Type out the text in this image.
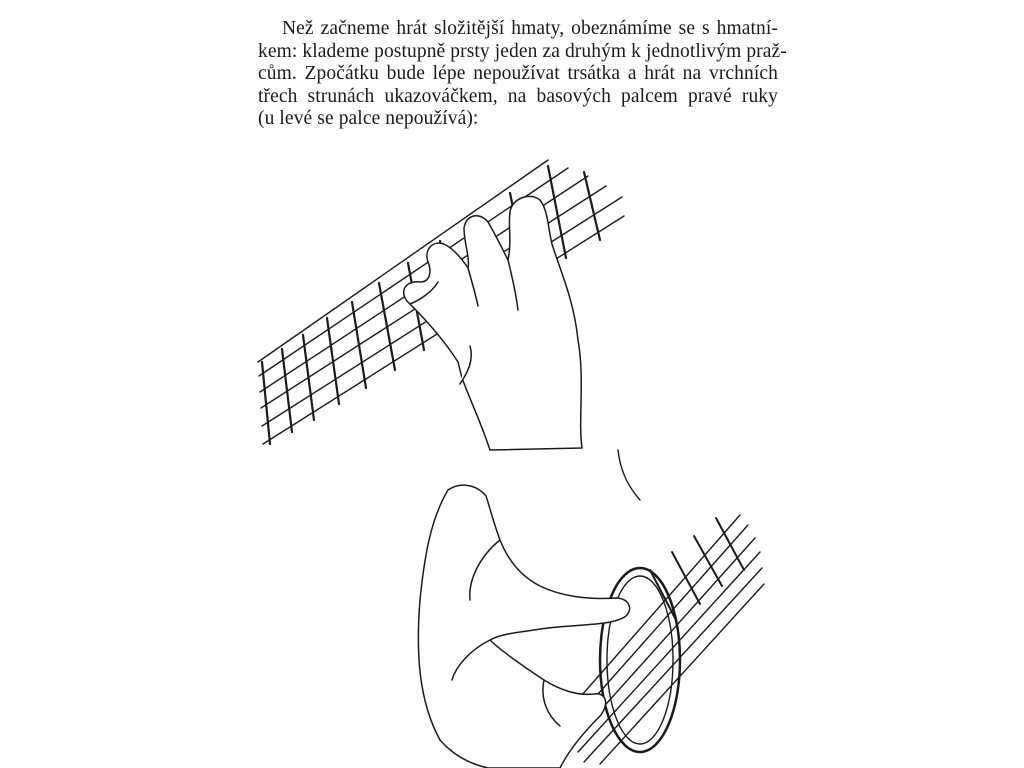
Než začneme hrát složitější hmaty, obeznámíme se s hmatní-
kem: klademe postupně prsty jeden za druhým k jednotlivým praž-
cům. Zpočátku bude lépe nepoužívat trsátka a hrát na vrchních
třech strunách ukazováčkem, na basových palcem pravé ruky
(u levé se palce nepoužívá):
